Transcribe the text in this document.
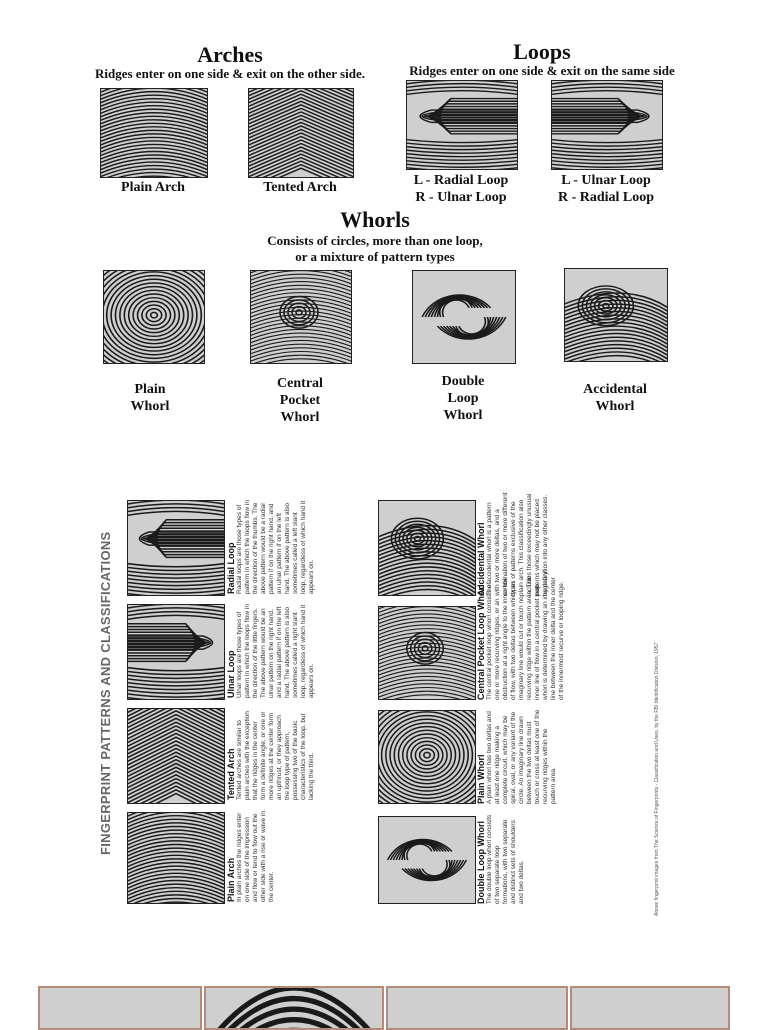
Arches
Ridges enter on one side & exit on the other side.
Loops
Ridges enter on one side & exit on the same side
Plain Arch	Tented Arch	L - Radial Loop
R - Ulnar Loop
L - Ulnar Loop
R - Radial Loop
Whorls
Consists of circles, more than one loop,
or a mixture of pattern types
Plain
Whorl
Central
Pocket
Whorl
Double
Loop
Whorl
Accidental
Whorl
FINGERPRINT PATTERNS AND CLASSIFICATIONS
Plain Arch In plain arches the ridges enter on one side of the impression and flow or tend to flow out the other side with a rise or wave in the center.
Tented Arch Tented arches are similar to plain arches with the exception that the ridges in the center form a definite angle, or one or more ridges at the center form an upthrust, or they approach the loop type of pattern, possessing two of the basic characteristics of the loop, but lacking the third.
Ulnar Loop Ulnar loops are those types of pattern in which the loops flow in the direction of the little fingers. The above pattern would be an ulnar pattern on the right hand, and a radial pattern if on the left hand. The above pattern is also sometimes called a right slant loop, regardless of which hand it appears on.
Radial Loop Radial loops are those types of pattern in which the loops flow in the direction of the thumbs. The above pattern would be a radial pattern if on the right hand, and an ulnar pattern if on the left hand. The above pattern is also sometimes called a left slant loop, regardless of which hand it appears on.
Double Loop Whorl The double loop whorl consists of two separate loop formations, with two separate and distinct sets of shoulders and two deltas.
Plain Whorl A plain whorl has two deltas and at least one ridge making a complete circuit, which may be spiral, oval, or any variant of the circle. An imaginary line drawn between the two deltas must touch or cross at least one of the recurving ridges within the pattern area.
Central Pocket Loop Whorl The central pocket loop whorl consists of one or more recurving ridges, or an obstruction at a right angle to the inner line of flow, with two deltas between which an imaginary line would cut or touch no recurving ridge within the pattern area. The inner line of flow in a central pocket loop whorl is determined by drawing an imaginary line between the inner delta and the center of the innermost recurve or looping ridge.
Accidental Whorl The accidental whorl is a pattern with two or more deltas, and a combination of two or more different types of patterns exclusive of the plain arch. This classification also includes those exceedingly unusual patterns which may not be placed by definition into any other classes.
Above fingerprint images from The Science of Fingerprints - Classification and Uses, by the FBI Identification Division, 1957.
